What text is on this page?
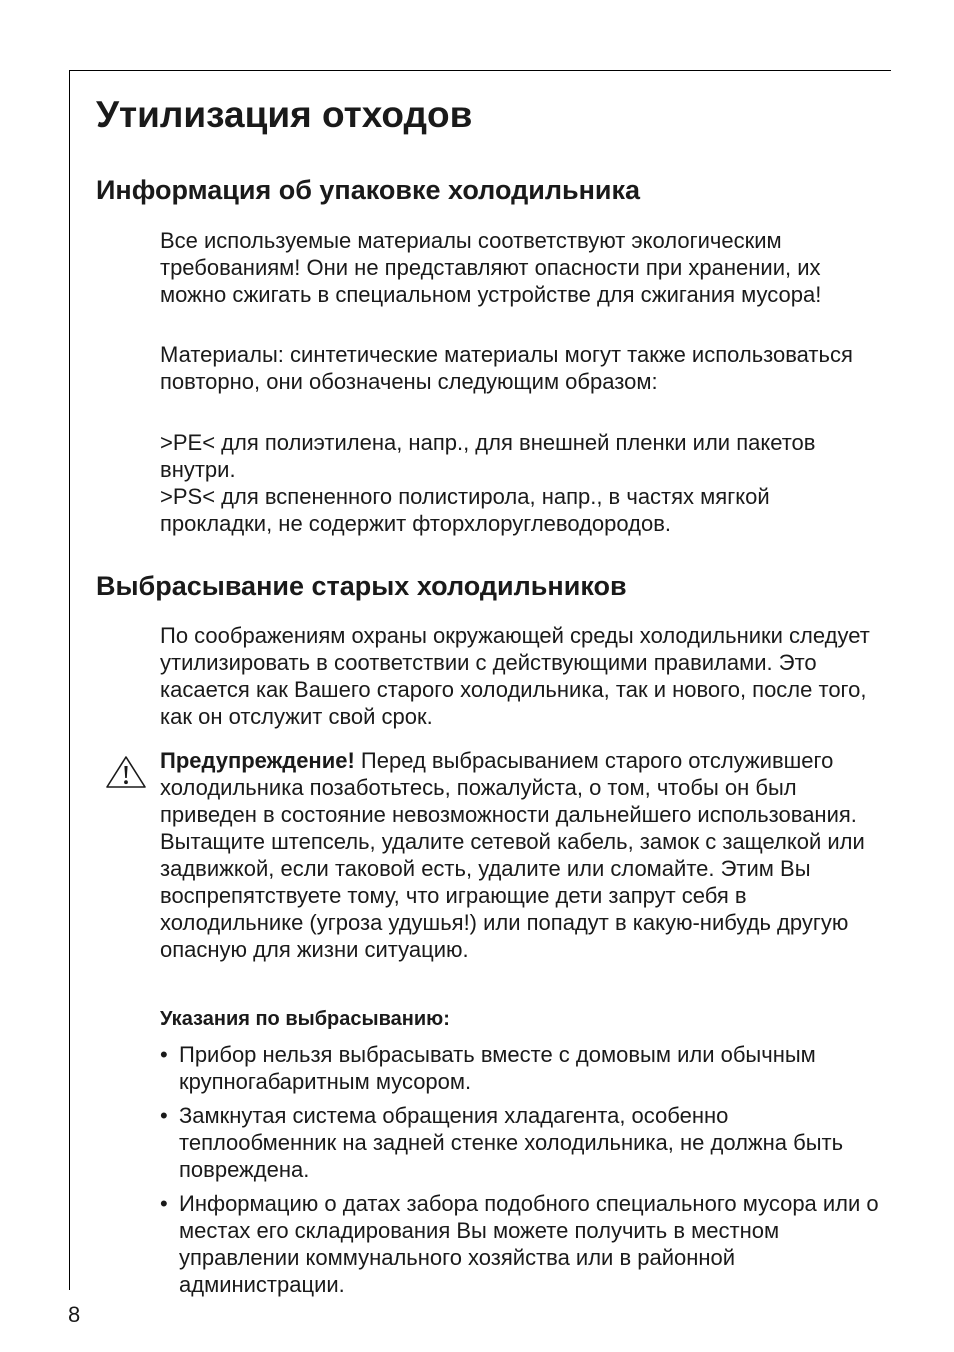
Утилизация отходов
Информация об упаковке холодильника

Все используемые материалы соответствуют экологическим требованиям! Они не представляют опасности при хранении, их можно сжигать в специальном устройстве для сжигания мусора!

Материалы: синтетические материалы могут также использоваться повторно, они обозначены следующим образом:

>PE< для полиэтилена, напр., для внешней пленки или пакетов внутри.

>PS< для вспененного полистирола, напр., в частях мягкой прокладки, не содержит фторхлоруглеводородов.

Выбрасывание старых холодильников

По соображениям охраны окружающей среды холодильники следует утилизировать в соответствии с действующими правилами. Это касается как Вашего старого холодильника, так и нового, после того, как он отслужит свой срок.

Предупреждение! Перед выбрасыванием старого отслужившего холодильника позаботьтесь, пожалуйста, о том, чтобы он был приведен в состояние невозможности дальнейшего использования. Вытащите штепсель, удалите сетевой кабель, замок с защелкой или задвижкой, если таковой есть, удалите или сломайте. Этим Вы воспрепятствуете тому, что играющие дети запрут себя в холодильнике (угроза удушья!) или попадут в какую-нибудь другую опасную для жизни ситуацию.

Указания по выбрасыванию:
• Прибор нельзя выбрасывать вместе с домовым или обычным крупногабаритным мусором.
• Замкнутая система обращения хладагента, особенно теплообменник на задней стенке холодильника, не должна быть повреждена.
• Информацию о датах забора подобного специального мусора или о местах его складирования Вы можете получить в местном управлении коммунального хозяйства или в районной администрации.
8
